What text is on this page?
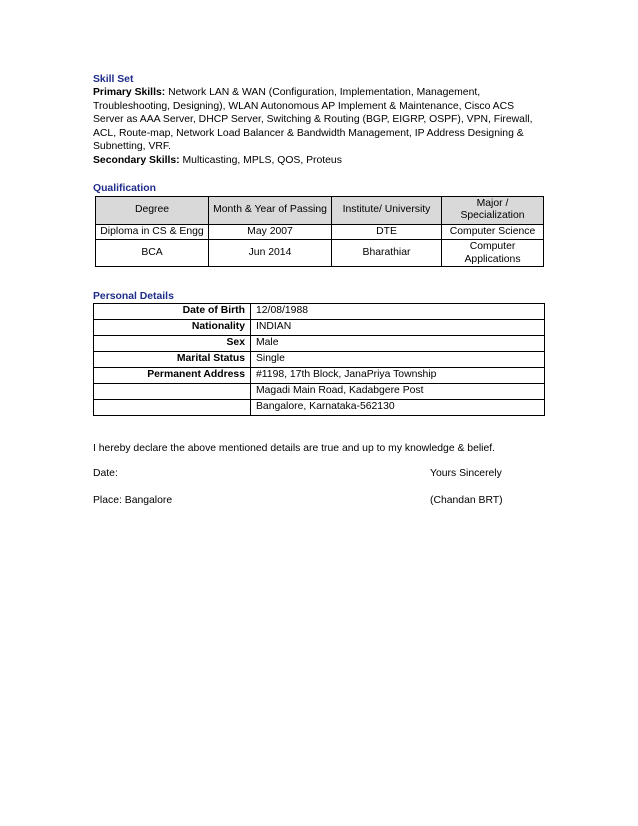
Skill Set
Primary Skills: Network LAN & WAN (Configuration, Implementation, Management, Troubleshooting, Designing), WLAN Autonomous AP Implement & Maintenance, Cisco ACS Server as AAA Server, DHCP Server, Switching & Routing (BGP, EIGRP, OSPF), VPN, Firewall, ACL, Route-map, Network Load Balancer & Bandwidth Management, IP Address Designing & Subnetting, VRF.
Secondary Skills: Multicasting, MPLS, QOS, Proteus
Qualification
Degree	Month & Year of Passing	Institute/ University	Major / Specialization
Diploma in CS & Engg	May 2007	DTE	Computer Science
BCA	Jun 2014	Bharathiar	Computer Applications
Personal Details
Date of Birth	12/08/1988
Nationality	INDIAN
Sex	Male
Marital Status	Single
Permanent Address	#1198, 17th Block, JanaPriya Township
	Magadi Main Road, Kadabgere Post
	Bangalore, Karnataka-562130
I hereby declare the above mentioned details are true and up to my knowledge & belief.
Date:	Yours Sincerely
Place: Bangalore	(Chandan BRT)
